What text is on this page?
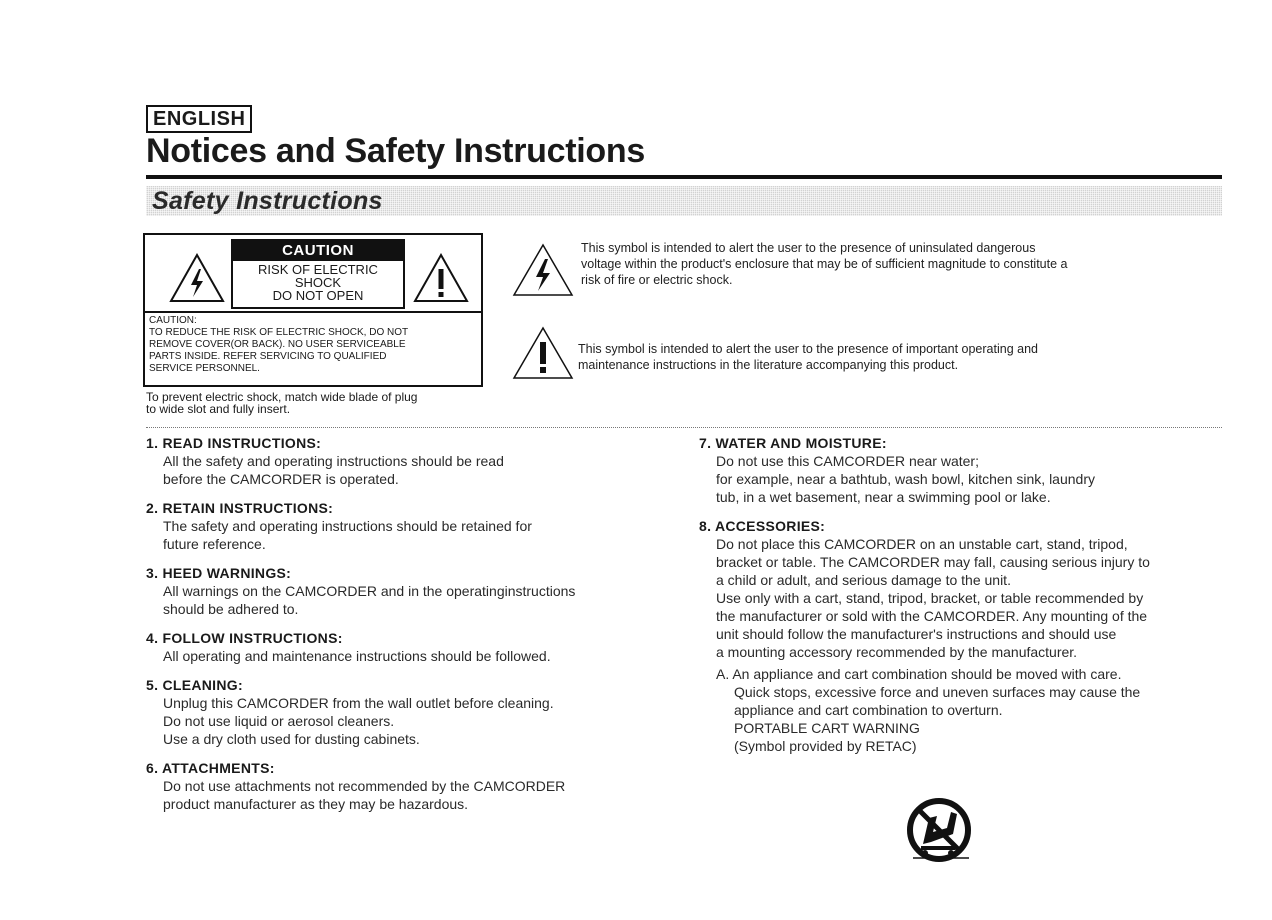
ENGLISH
Notices and Safety Instructions
Safety Instructions
CAUTION
RISK OF ELECTRIC
SHOCK
DO NOT OPEN
CAUTION:
TO REDUCE THE RISK OF ELECTRIC SHOCK, DO NOT
REMOVE COVER(OR BACK). NO USER SERVICEABLE
PARTS INSIDE. REFER SERVICING TO QUALIFIED
SERVICE PERSONNEL.
To prevent electric shock, match wide blade of plug
to wide slot and fully insert.
This symbol is intended to alert the user to the presence of uninsulated dangerous
voltage within the product's enclosure that may be of sufficient magnitude to constitute a
risk of fire or electric shock.
This symbol is intended to alert the user to the presence of important operating and
maintenance instructions in the literature accompanying this product.
1. READ INSTRUCTIONS:
All the safety and operating instructions should be read
before the CAMCORDER is operated.
2. RETAIN INSTRUCTIONS:
The safety and operating instructions should be retained for
future reference.
3. HEED WARNINGS:
All warnings on the CAMCORDER and in the operatinginstructions
should be adhered to.
4. FOLLOW INSTRUCTIONS:
All operating and maintenance instructions should be followed.
5. CLEANING:
Unplug this CAMCORDER from the wall outlet before cleaning.
Do not use liquid or aerosol cleaners.
Use a dry cloth used for dusting cabinets.
6. ATTACHMENTS:
Do not use attachments not recommended by the CAMCORDER
product manufacturer as they may be hazardous.
7. WATER AND MOISTURE:
Do not use this CAMCORDER near water;
for example, near a bathtub, wash bowl, kitchen sink, laundry
tub, in a wet basement, near a swimming pool or lake.
8. ACCESSORIES:
Do not place this CAMCORDER on an unstable cart, stand, tripod,
bracket or table. The CAMCORDER may fall, causing serious injury to
a child or adult, and serious damage to the unit.
Use only with a cart, stand, tripod, bracket, or table recommended by
the manufacturer or sold with the CAMCORDER. Any mounting of the
unit should follow the manufacturer's instructions and should use
a mounting accessory recommended by the manufacturer.
A. An appliance and cart combination should be moved with care.
Quick stops, excessive force and uneven surfaces may cause the
appliance and cart combination to overturn.
PORTABLE CART WARNING
(Symbol provided by RETAC)
